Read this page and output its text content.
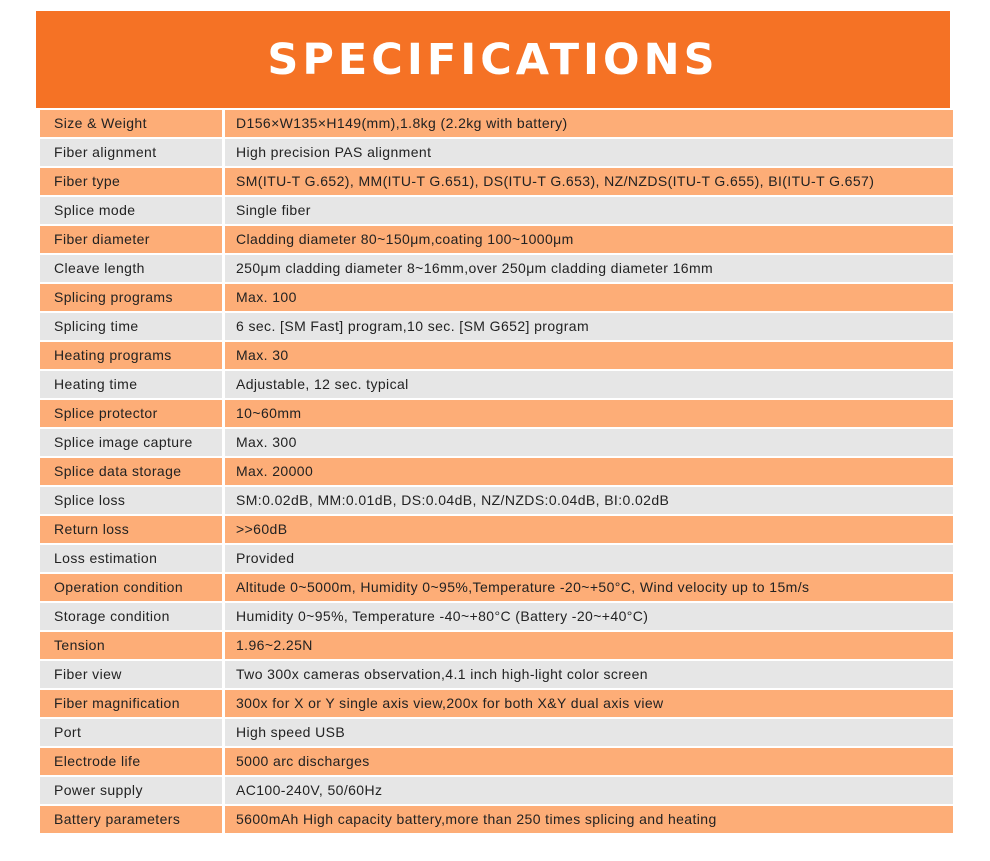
SPECIFICATIONS
Size & Weight	D156×W135×H149(mm),1.8kg (2.2kg with battery)
Fiber alignment	High precision PAS alignment
Fiber type	SM(ITU-T G.652), MM(ITU-T G.651), DS(ITU-T G.653), NZ/NZDS(ITU-T G.655), BI(ITU-T G.657)
Splice mode	Single fiber
Fiber diameter	Cladding diameter 80~150μm,coating 100~1000μm
Cleave length	250μm cladding diameter 8~16mm,over 250μm cladding diameter 16mm
Splicing programs	Max. 100
Splicing time	6 sec. [SM Fast] program,10 sec. [SM G652] program
Heating programs	Max. 30
Heating time	Adjustable, 12 sec. typical
Splice protector	10~60mm
Splice image capture	Max. 300
Splice data storage	Max. 20000
Splice loss	SM:0.02dB, MM:0.01dB, DS:0.04dB, NZ/NZDS:0.04dB, BI:0.02dB
Return loss	>>60dB
Loss estimation	Provided
Operation condition	Altitude 0~5000m, Humidity 0~95%,Temperature -20~+50°C, Wind velocity up to 15m/s
Storage condition	Humidity 0~95%, Temperature -40~+80°C (Battery -20~+40°C)
Tension	1.96~2.25N
Fiber view	Two 300x cameras observation,4.1 inch high-light color screen
Fiber magnification	300x for X or Y single axis view,200x for both X&Y dual axis view
Port	High speed USB
Electrode life	5000 arc discharges
Power supply	AC100-240V, 50/60Hz
Battery parameters	5600mAh High capacity battery,more than 250 times splicing and heating
